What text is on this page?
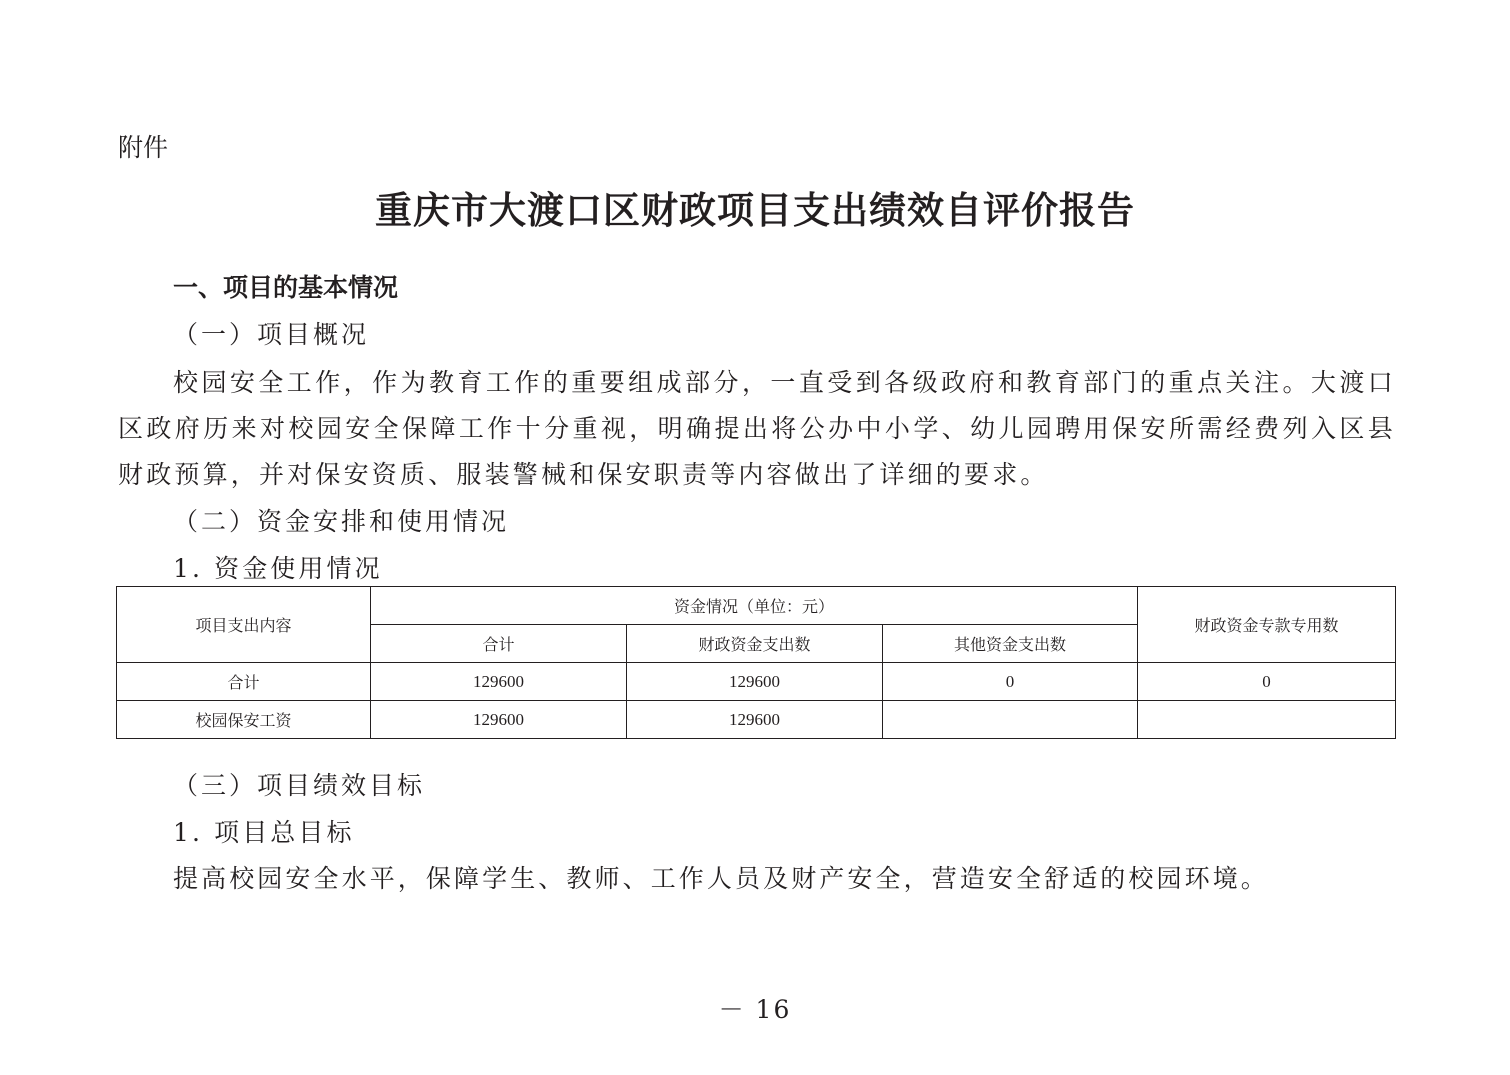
附件
重庆市大渡口区财政项目支出绩效自评价报告
一、项目的基本情况
（一）项目概况
校园安全工作，作为教育工作的重要组成部分，一直受到各级政府和教育部门的重点关注。大渡口区政府历来对校园安全保障工作十分重视，明确提出将公办中小学、幼儿园聘用保安所需经费列入区县财政预算，并对保安资质、服装警械和保安职责等内容做出了详细的要求。
（二）资金安排和使用情况
1. 资金使用情况
项目支出内容	资金情况（单位：元）			财政资金专款专用数
	合计	财政资金支出数	其他资金支出数	
合计	129600	129600	0	0
校园保安工资	129600	129600		
（三）项目绩效目标
1. 项目总目标
提高校园安全水平，保障学生、教师、工作人员及财产安全，营造安全舒适的校园环境。
－ 16
